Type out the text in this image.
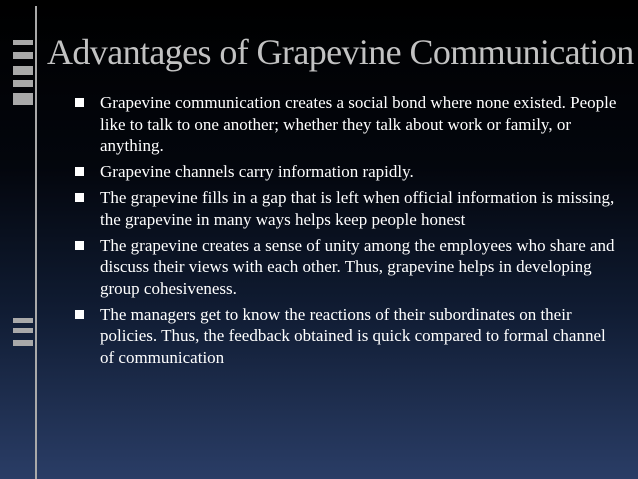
Advantages of Grapevine Communication
Grapevine communication creates a social bond where none existed. People like to talk to one another; whether they talk about work or family, or anything.
Grapevine channels carry information rapidly.
The grapevine fills in a gap that is left when official information is missing, the grapevine in many ways helps keep people honest
The grapevine creates a sense of unity among the employees who share and discuss their views with each other. Thus, grapevine helps in developing group cohesiveness.
The managers get to know the reactions of their subordinates on their policies. Thus, the feedback obtained is quick compared to formal channel of communication
